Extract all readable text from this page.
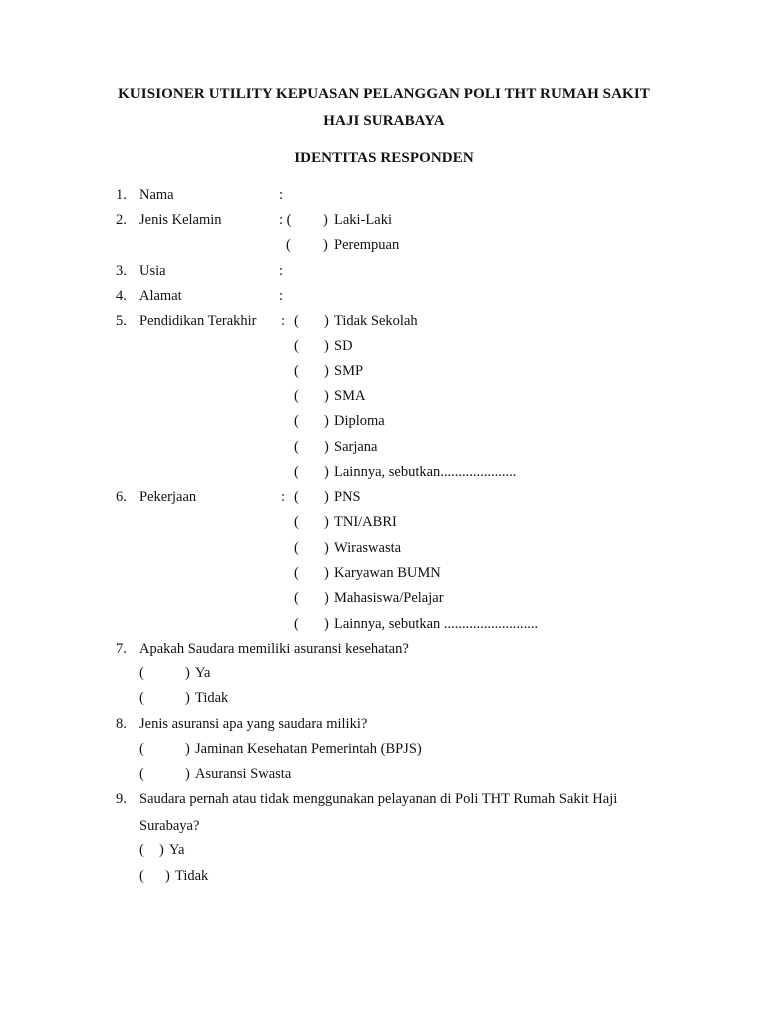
KUISIONER UTILITY KEPUASAN PELANGGAN POLI THT RUMAH SAKIT
HAJI SURABAYA
IDENTITAS RESPONDEN
1. Nama	:
2. Jenis Kelamin	: ( ) Laki-Laki
( ) Perempuan
3. Usia	:
4. Alamat	:
5. Pendidikan Terakhir : ( ) Tidak Sekolah
( ) SD
( ) SMP
( ) SMA
( ) Diploma
( ) Sarjana
( ) Lainnya, sebutkan.....................
6. Pekerjaan	: ( ) PNS
( ) TNI/ABRI
( ) Wiraswasta
( ) Karyawan BUMN
( ) Mahasiswa/Pelajar
( ) Lainnya, sebutkan ..........................
7. Apakah Saudara memiliki asuransi kesehatan?
(	) Ya
(	) Tidak
8. Jenis asuransi apa yang saudara miliki?
(	) Jaminan Kesehatan Pemerintah (BPJS)
(	) Asuransi Swasta
9. Saudara pernah atau tidak menggunakan pelayanan di Poli THT Rumah Sakit Haji
Surabaya?
( ) Ya
( ) Tidak
